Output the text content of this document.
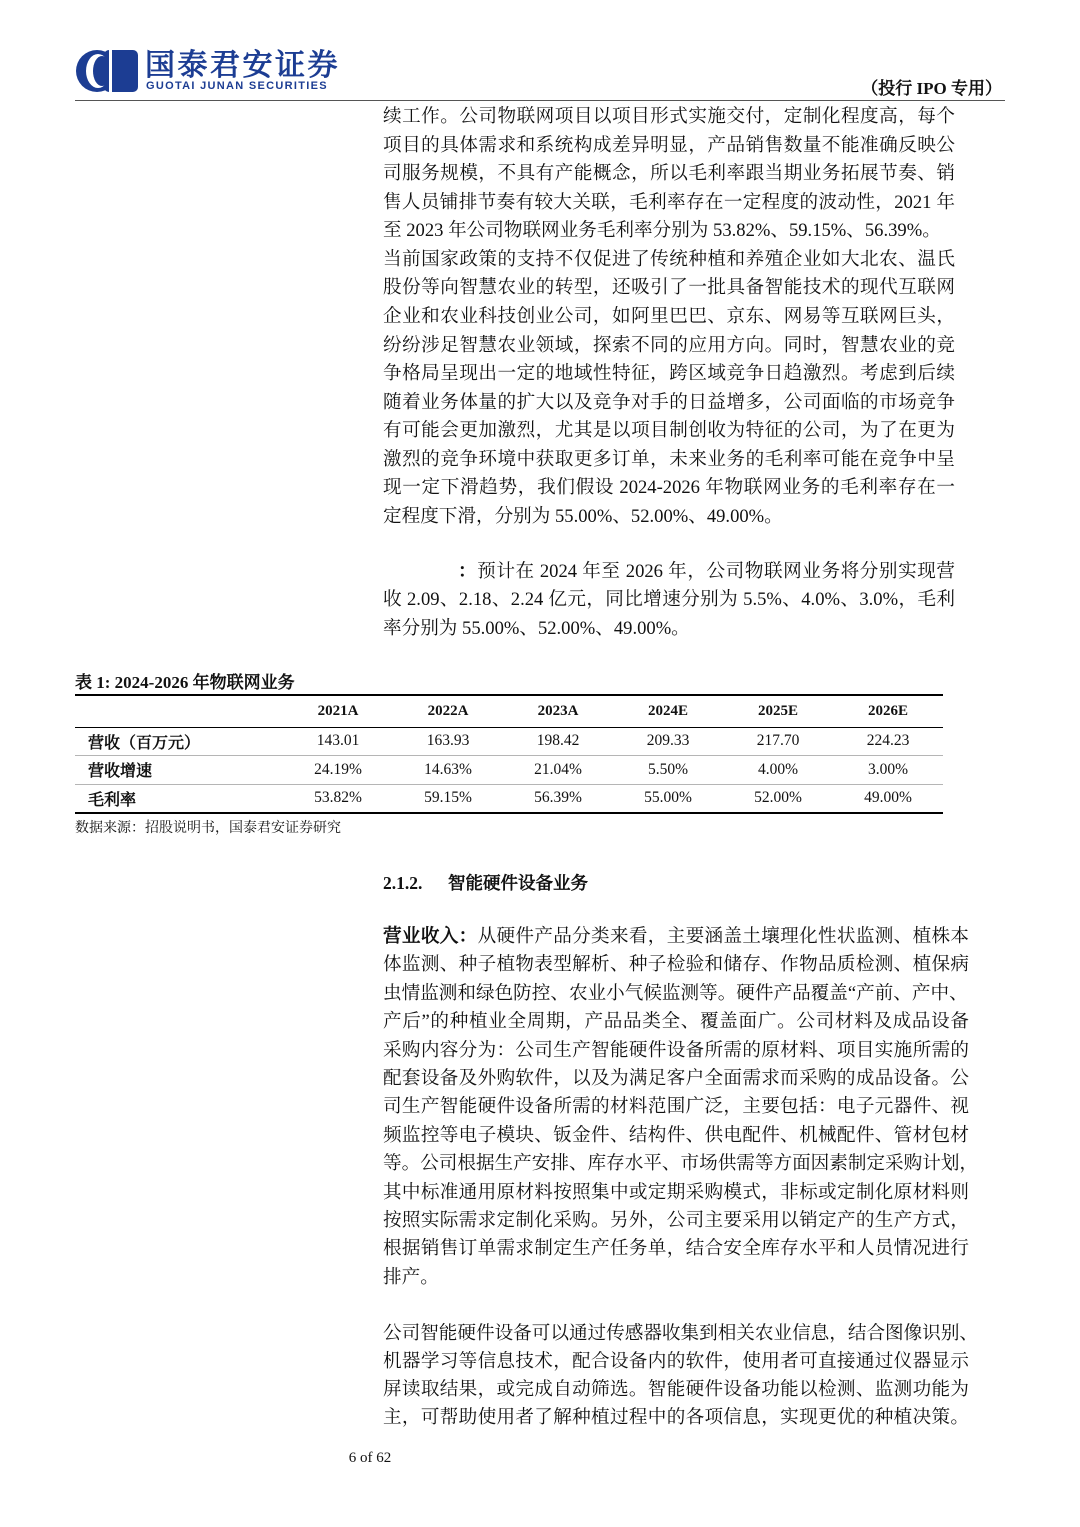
国泰君安证券
GUOTAI JUNAN SECURITIES	（投行 IPO 专用）
续工作。公司物联网项目以项目形式实施交付，定制化程度高，每个
项目的具体需求和系统构成差异明显，产品销售数量不能准确反映公
司服务规模，不具有产能概念，所以毛利率跟当期业务拓展节奏、销
售人员铺排节奏有较大关联，毛利率存在一定程度的波动性，2021 年
至 2023 年公司物联网业务毛利率分别为 53.82%、59.15%、56.39%。
当前国家政策的支持不仅促进了传统种植和养殖企业如大北农、温氏
股份等向智慧农业的转型，还吸引了一批具备智能技术的现代互联网
企业和农业科技创业公司，如阿里巴巴、京东、网易等互联网巨头，
纷纷涉足智慧农业领域，探索不同的应用方向。同时，智慧农业的竞
争格局呈现出一定的地域性特征，跨区域竞争日趋激烈。考虑到后续
随着业务体量的扩大以及竞争对手的日益增多，公司面临的市场竞争
有可能会更加激烈，尤其是以项目制创收为特征的公司，为了在更为
激烈的竞争环境中获取更多订单，未来业务的毛利率可能在竞争中呈
现一定下滑趋势，我们假设 2024-2026 年物联网业务的毛利率存在一
定程度下滑，分别为 55.00%、52.00%、49.00%。
：预计在 2024 年至 2026 年，公司物联网业务将分别实现营
收 2.09、2.18、2.24 亿元，同比增速分别为 5.5%、4.0%、3.0%，毛利
率分别为 55.00%、52.00%、49.00%。
表 1: 2024-2026 年物联网业务
	2021A	2022A	2023A	2024E	2025E	2026E
营收（百万元）	143.01	163.93	198.42	209.33	217.70	224.23
营收增速	24.19%	14.63%	21.04%	5.50%	4.00%	3.00%
毛利率	53.82%	59.15%	56.39%	55.00%	52.00%	49.00%
数据来源：招股说明书，国泰君安证券研究
2.1.2. 智能硬件设备业务
营业收入：从硬件产品分类来看，主要涵盖土壤理化性状监测、植株本
体监测、种子植物表型解析、种子检验和储存、作物品质检测、植保病
虫情监测和绿色防控、农业小气候监测等。硬件产品覆盖“产前、产中、
产后”的种植业全周期，产品品类全、覆盖面广。公司材料及成品设备
采购内容分为：公司生产智能硬件设备所需的原材料、项目实施所需的
配套设备及外购软件，以及为满足客户全面需求而采购的成品设备。公
司生产智能硬件设备所需的材料范围广泛，主要包括：电子元器件、视
频监控等电子模块、钣金件、结构件、供电配件、机械配件、管材包材
等。公司根据生产安排、库存水平、市场供需等方面因素制定采购计划，
其中标准通用原材料按照集中或定期采购模式，非标或定制化原材料则
按照实际需求定制化采购。另外，公司主要采用以销定产的生产方式，
根据销售订单需求制定生产任务单，结合安全库存水平和人员情况进行
排产。
公司智能硬件设备可以通过传感器收集到相关农业信息，结合图像识别、
机器学习等信息技术，配合设备内的软件，使用者可直接通过仪器显示
屏读取结果，或完成自动筛选。智能硬件设备功能以检测、监测功能为
主，可帮助使用者了解种植过程中的各项信息，实现更优的种植决策。
6 of 62
